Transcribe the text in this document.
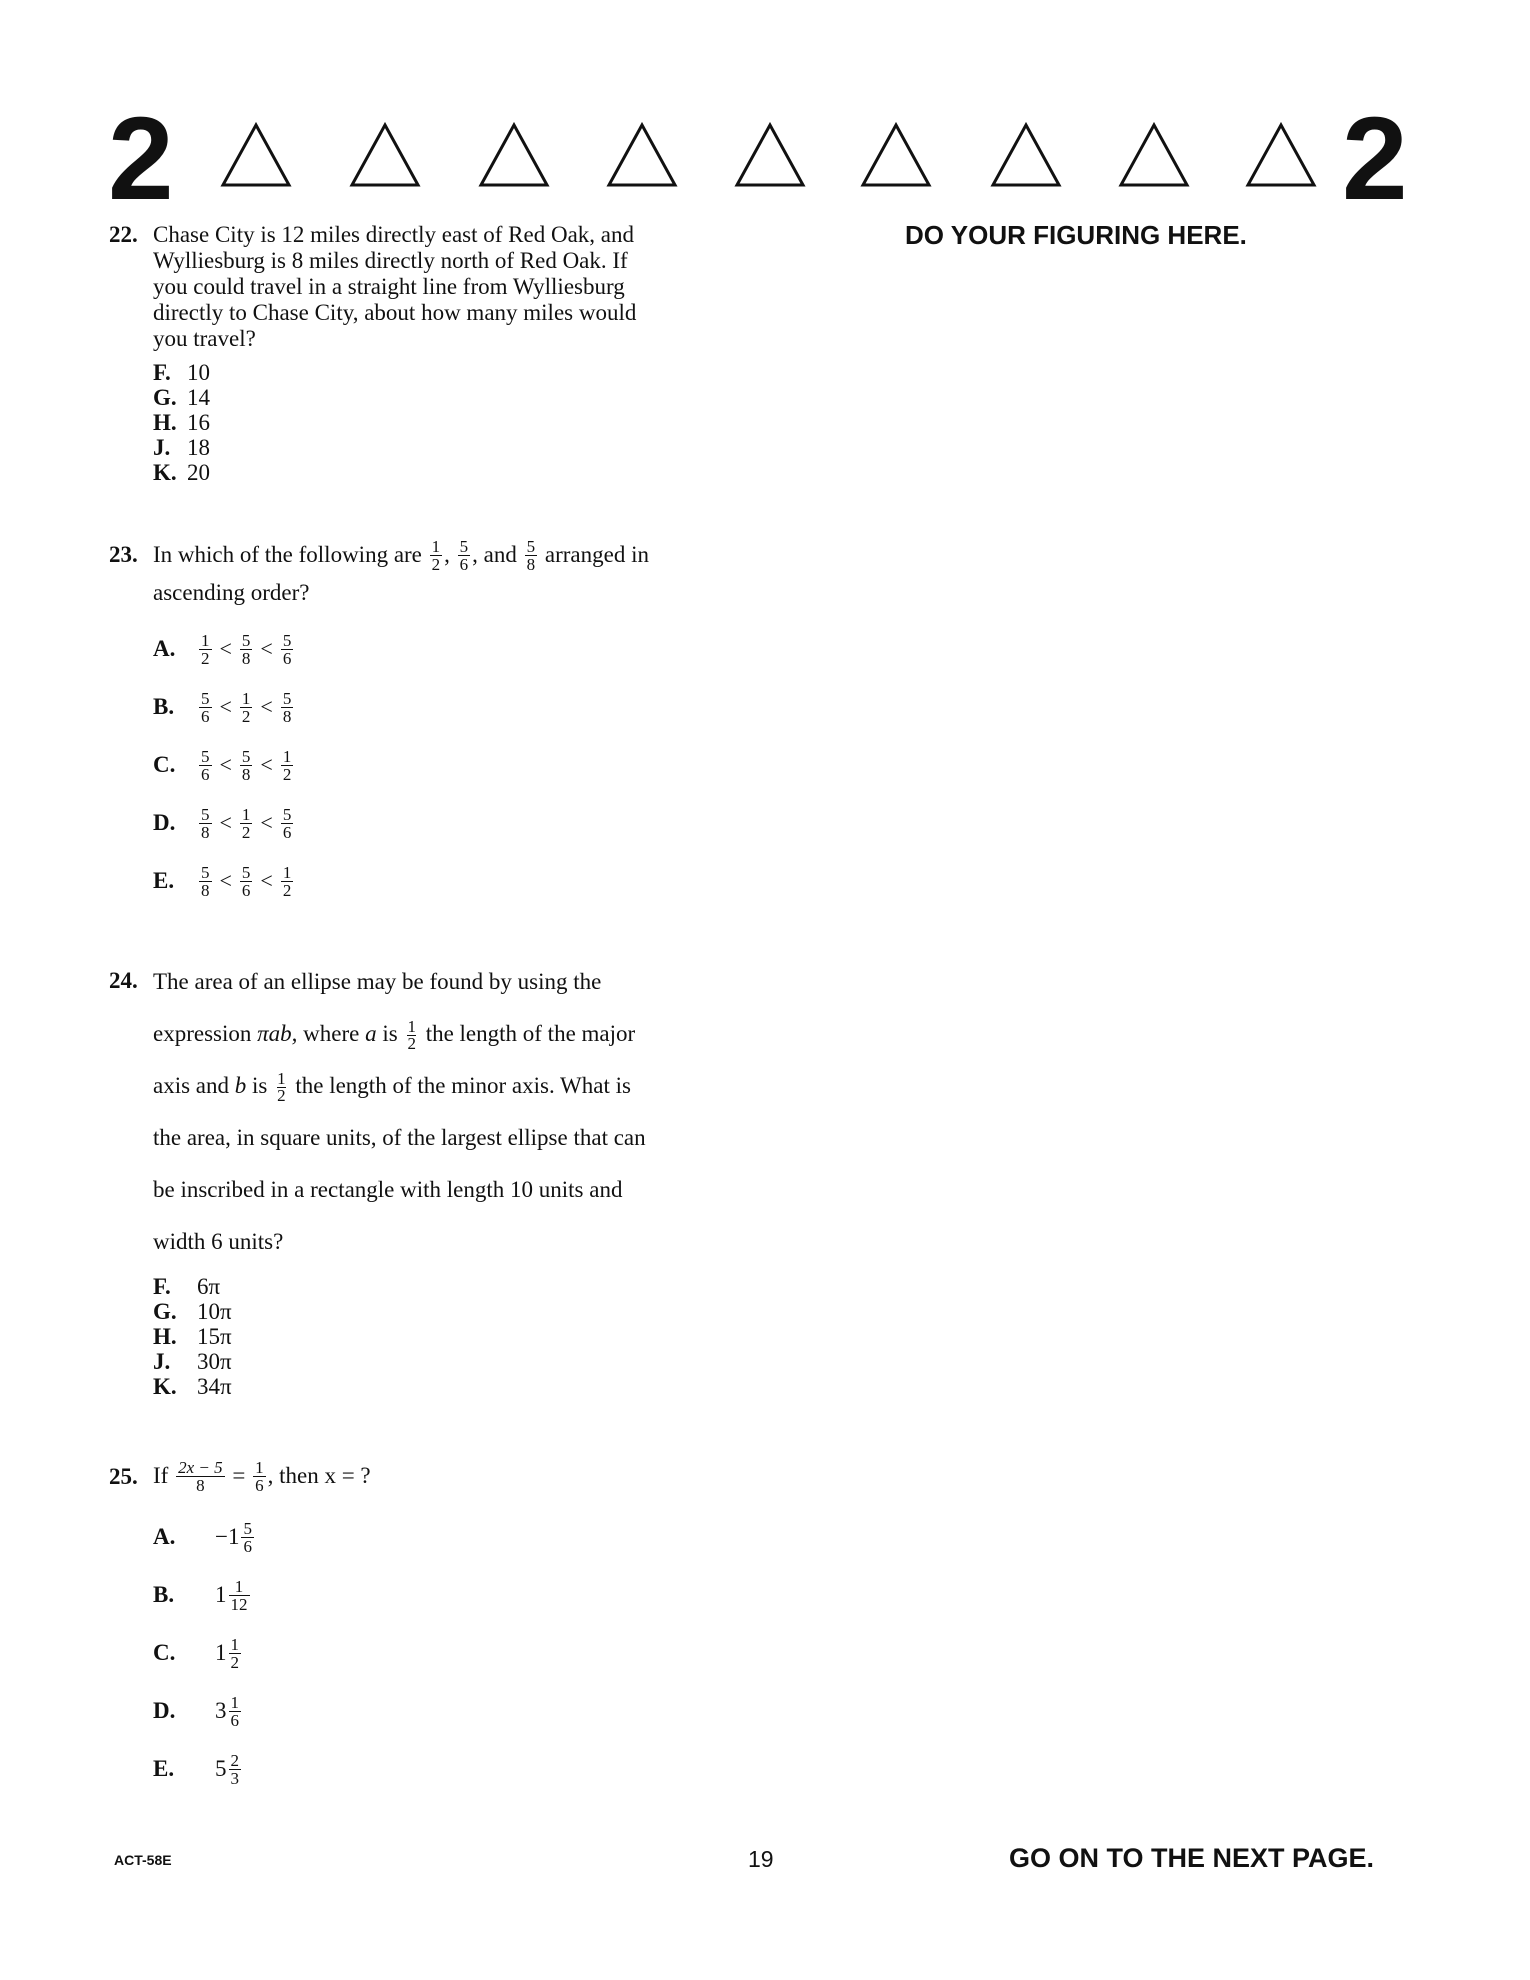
2	2
DO YOUR FIGURING HERE.
22. Chase City is 12 miles directly east of Red Oak, and
Wylliesburg is 8 miles directly north of Red Oak. If
you could travel in a straight line from Wylliesburg
directly to Chase City, about how many miles would
you travel?
F. 10
G. 14
H. 16
J. 18
K. 20
23. In which of the following are
$\frac{1}{2}$ ,
$\frac{5}{6}$ ,
and
$\frac{5}{8}$
arranged in
ascending order?
A.	$\frac{1}{2} < \frac{5}{8} < \frac{5}{6}$
B.	$\frac{5}{6} < \frac{1}{2} < \frac{5}{8}$
C.	$\frac{5}{6} < \frac{5}{8} < \frac{1}{2}$
D.	$\frac{5}{8} < \frac{1}{2} < \frac{5}{6}$
E.	$\frac{5}{8} < \frac{5}{6} < \frac{1}{2}$
24. The area of an ellipse may be found by using the
expression πab, where a is $\frac{1}{2}$ the length of the major
axis and b is $\frac{1}{2}$ the length of the minor axis. What is
the area, in square units, of the largest ellipse that can
be inscribed in a rectangle with length 10 units and
width 6 units?
F.	6π
G. 10π
H. 15π
J.	30π
K. 34π
25. If
$\frac{2x - 5}{8}$
=
$\frac{1}{6}$ , then x = ?
A.	$-1 \frac{5}{6}$
B.	$1 \frac{1}{12}$
C.	$1 \frac{1}{2}$
D.	$3 \frac{1}{6}$
E.	$5 \frac{2}{3}$
ACT-58E	19	GO ON TO THE NEXT PAGE.
